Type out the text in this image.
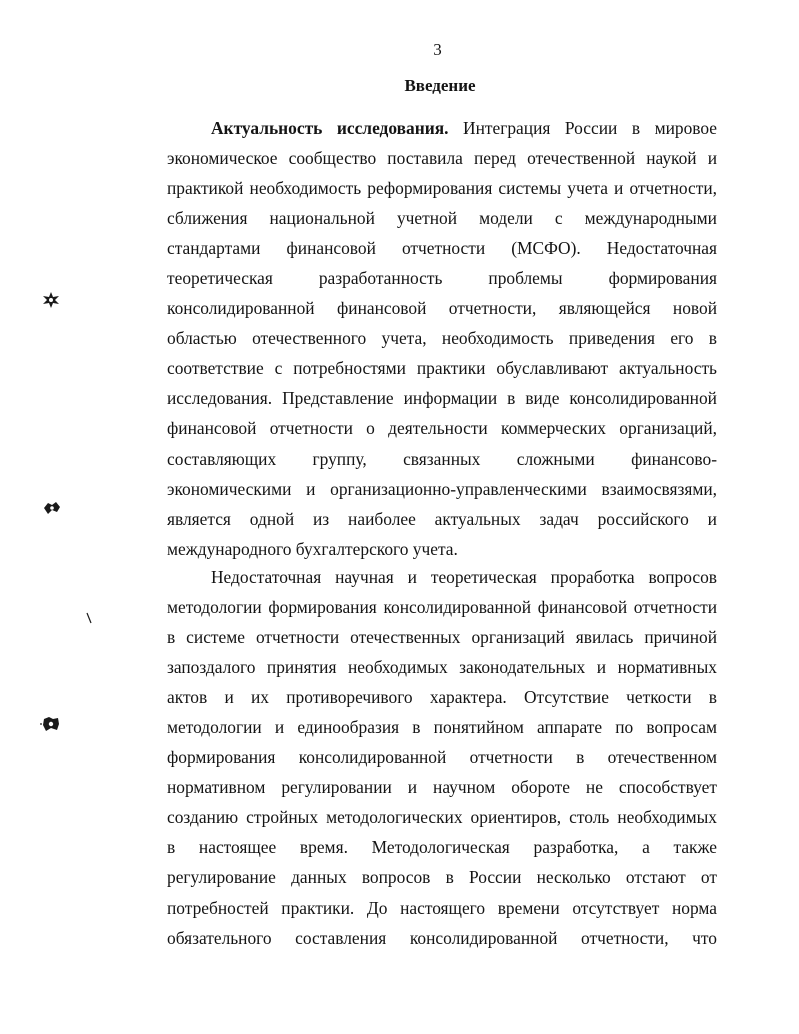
3
Введение
Актуальность исследования. Интеграция России в мировое
экономическое сообщество поставила перед отечественной наукой и
практикой необходимость реформирования системы учета и отчетности,
сближения национальной учетной модели с международными
стандартами финансовой отчетности (МСФО). Недостаточная
теоретическая разработанность проблемы формирования
консолидированной финансовой отчетности, являющейся новой
областью отечественного учета, необходимость приведения его в
соответствие с потребностями практики обуславливают актуальность
исследования. Представление информации в виде консолидированной
финансовой отчетности о деятельности коммерческих организаций,
составляющих группу, связанных сложными финансово-
экономическими и организационно-управленческими взаимосвязями,
является одной из наиболее актуальных задач российского и
международного бухгалтерского учета.
Недостаточная научная и теоретическая проработка вопросов
методологии формирования консолидированной финансовой отчетности
в системе отчетности отечественных организаций явилась причиной
запоздалого принятия необходимых законодательных и нормативных
актов и их противоречивого характера. Отсутствие четкости в
методологии и единообразия в понятийном аппарате по вопросам
формирования консолидированной отчетности в отечественном
нормативном регулировании и научном обороте не способствует
созданию стройных методологических ориентиров, столь необходимых
в настоящее время. Методологическая разработка, а также
регулирование данных вопросов в России несколько отстают от
потребностей практики. До настоящего времени отсутствует норма
обязательного составления консолидированной отчетности, что
